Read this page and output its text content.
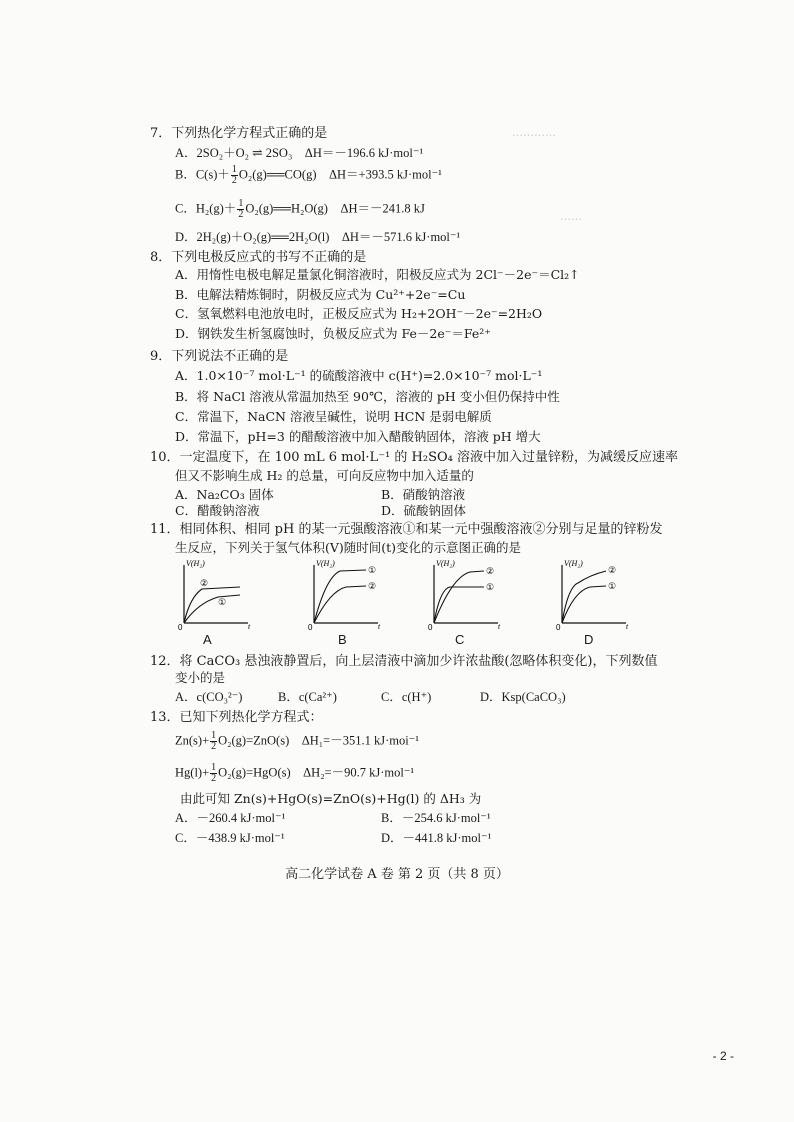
…………
……
7．下列热化学方程式正确的是
A．2SO₂＋O₂ ⇌ 2SO₃　ΔH＝－196.6 kJ·mol⁻¹
B．$C(s)+ \frac{1}{2}$ O₂(g)══CO(g)　ΔH＝+393.5 kJ·mol⁻¹
C．$H_2(g)+ \frac{1}{2}$ O₂(g)══H₂O(g)　ΔH＝－241.8 kJ
D．2H₂(g)＋O₂(g)══2H₂O(l)　ΔH＝－571.6 kJ·mol⁻¹
8．下列电极反应式的书写不正确的是
A．用惰性电极电解足量氯化铜溶液时，阳极反应式为 2Cl⁻－2e⁻＝Cl₂↑
B．电解法精炼铜时，阴极反应式为 Cu²⁺+2e⁻=Cu
C．氢氧燃料电池放电时，正极反应式为 H₂+2OH⁻－2e⁻=2H₂O
D．钢铁发生析氢腐蚀时，负极反应式为 Fe－2e⁻＝Fe²⁺
9．下列说法不正确的是
A．1.0×10⁻⁷ mol·L⁻¹ 的硫酸溶液中 c(H⁺)=2.0×10⁻⁷ mol·L⁻¹
B．将 NaCl 溶液从常温加热至 90℃，溶液的 pH 变小但仍保持中性
C．常温下，NaCN 溶液呈碱性，说明 HCN 是弱电解质
D．常温下，pH=3 的醋酸溶液中加入醋酸钠固体，溶液 pH 增大
10．一定温度下，在 100 mL 6 mol·L⁻¹ 的 H₂SO₄ 溶液中加入过量锌粉，为减缓反应速率
但又不影响生成 H₂ 的总量，可向反应物中加入适量的
A．Na₂CO₃ 固体	B．硝酸钠溶液
C．醋酸钠溶液	D．硫酸钠固体
11．相同体积、相同 pH 的某一元强酸溶液①和某一元中强酸溶液②分别与足量的锌粉发
生反应，下列关于氢气体积(V)随时间(t)变化的示意图正确的是
V(H₂)
0	t
②
①
V(H₂)
0	t
①
②
V(H₂)
0	t
②
①
V(H₂)
0	t
②
①
A	B	C	D
12．将 CaCO₃ 悬浊液静置后，向上层清液中滴加少许浓盐酸(忽略体积变化)，下列数值
变小的是
A．c(CO₃²⁻)	B．c(Ca²⁺)	C．c(H⁺)	D．Ksp(CaCO₃)
13．已知下列热化学方程式：
$Zn(s)+ \frac{1}{2} O_2(g)=ZnO(s)$　ΔH₁=－351.1 kJ·moi⁻¹
$Hg(l)+ \frac{1}{2} O_2(g)=HgO(s)$　ΔH₂=－90.7 kJ·mol⁻¹
由此可知 Zn(s)+HgO(s)=ZnO(s)+Hg(l) 的 ΔH₃ 为
A．－260.4 kJ·mol⁻¹	B．－254.6 kJ·mol⁻¹
C．－438.9 kJ·mol⁻¹	D．－441.8 kJ·mol⁻¹
高二化学试卷 A 卷 第 2 页（共 8 页）
- 2 -
